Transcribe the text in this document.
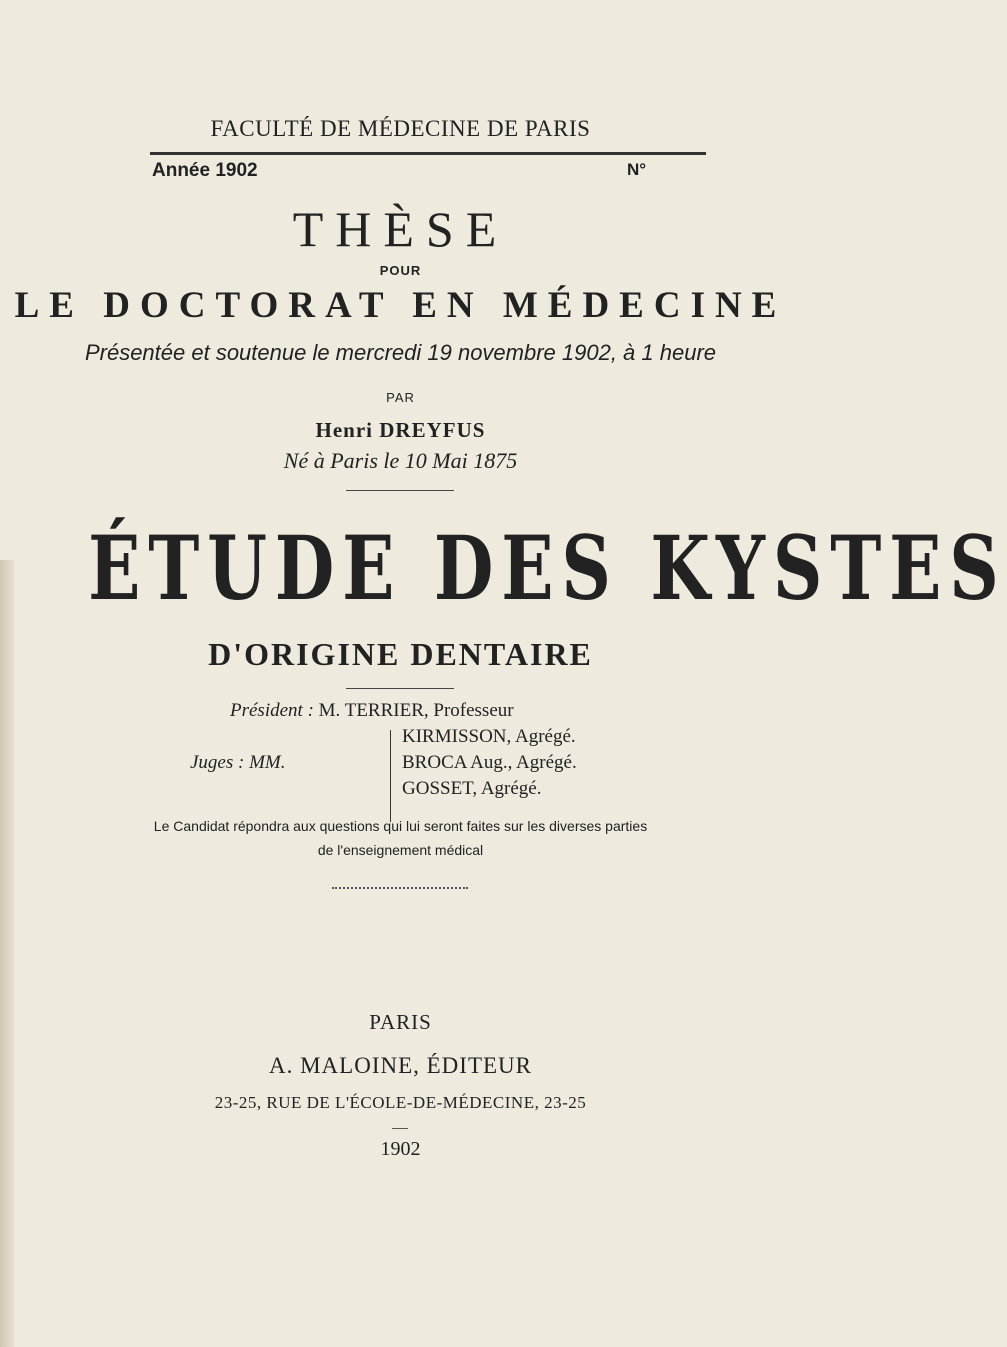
FACULTÉ DE MÉDECINE DE PARIS
Année 1902	N°
THÈSE
POUR
LE DOCTORAT EN MÉDECINE
Présentée et soutenue le mercredi 19 novembre 1902, à 1 heure
PAR
Henri DREYFUS
Né à Paris le 10 Mai 1875
ÉTUDE DES KYSTES
D'ORIGINE DENTAIRE
Président : M. TERRIER, Professeur
Juges : MM.
KIRMISSON, Agrégé.
BROCA Aug., Agrégé.
GOSSET, Agrégé.
Le Candidat répondra aux questions qui lui seront faites sur les diverses parties
de l'enseignement médical
PARIS
A. MALOINE, ÉDITEUR
23-25, RUE DE L'ÉCOLE-DE-MÉDECINE, 23-25
1902
